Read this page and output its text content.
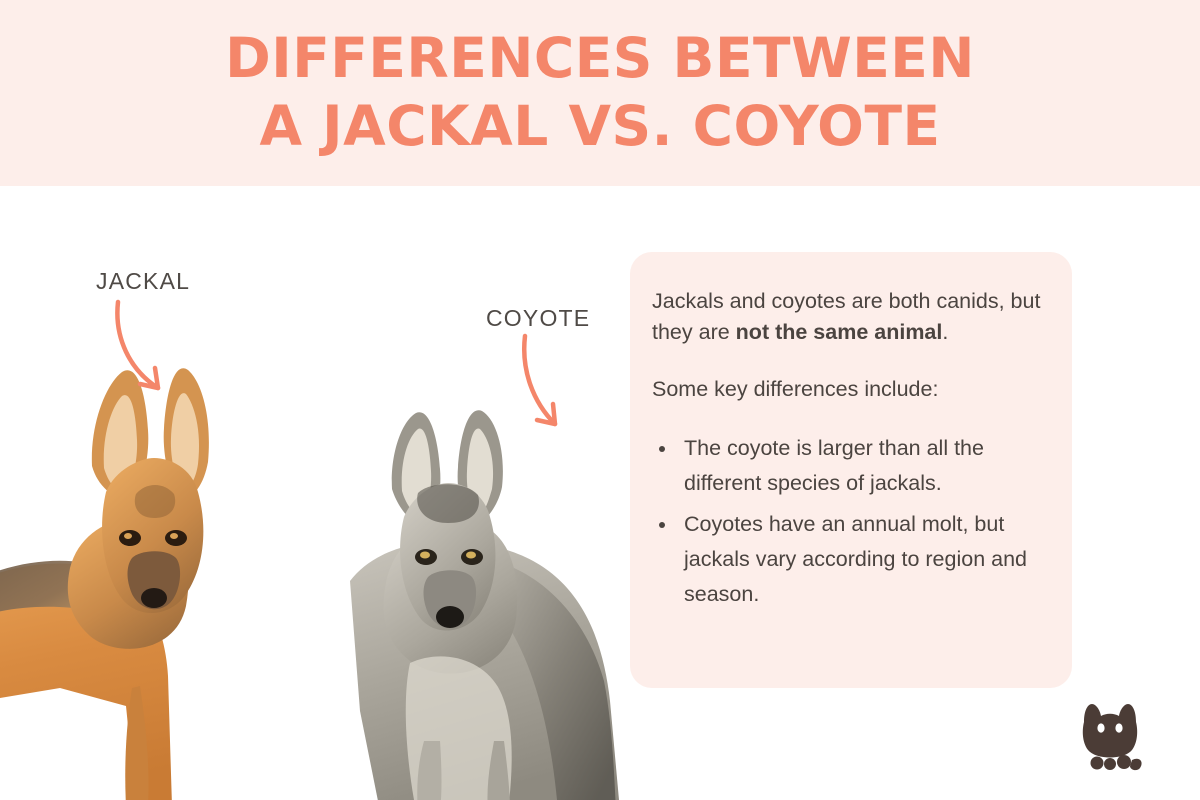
DIFFERENCES BETWEEN
A JACKAL VS. COYOTE
JACKAL
COYOTE

Jackals and coyotes are both canids, but they are not the same animal.

Some key differences include:

• The coyote is larger than all the different species of jackals.
• Coyotes have an annual molt, but jackals vary according to region and season.
